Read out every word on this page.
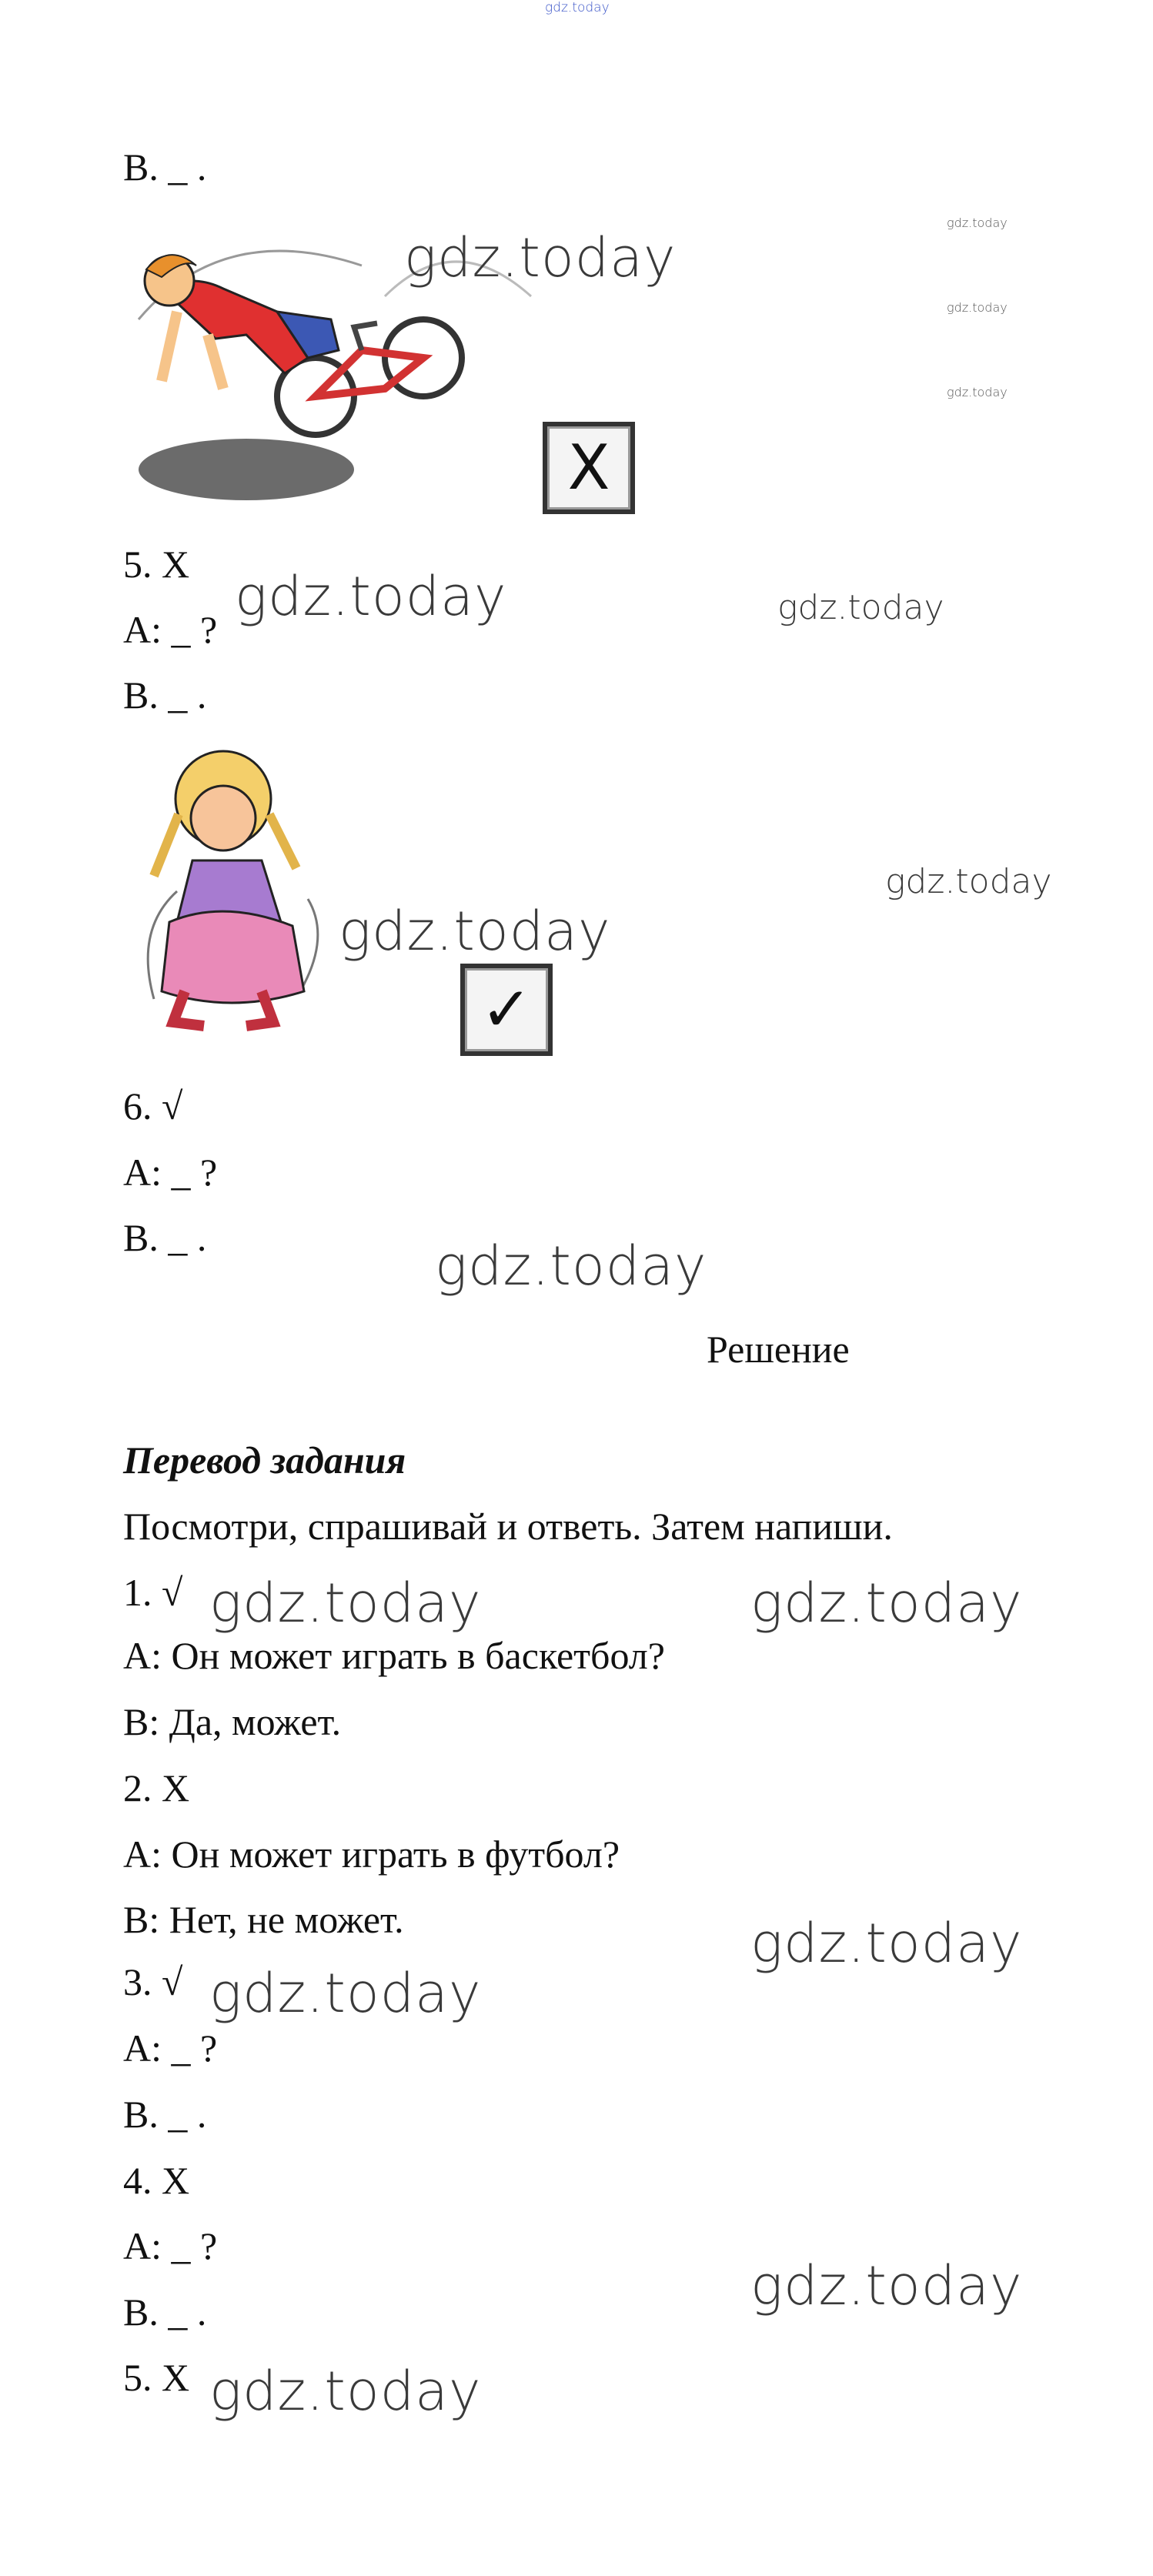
gdz.today
B. _ .
X
gdz.today
gdz.today
gdz.today
gdz.today
5. X
A: _ ?
B. _ .
gdz.today	gdz.today
✓
gdz.today
gdz.today
6. √
A: _ ?
B. _ .	gdz.today
Решение
Перевод задания
Посмотри, спрашивай и ответь. Затем напиши.
1. √
A: Он может играть в баскетбол?
B: Да, может.
gdz.today	gdz.today
2. X
A: Он может играть в футбол?
B: Нет, не может.	gdz.today
3. √
A: _ ?
B. _ .
gdz.today
4. X
A: _ ?
B. _ .	gdz.today
5. X gdz.today
